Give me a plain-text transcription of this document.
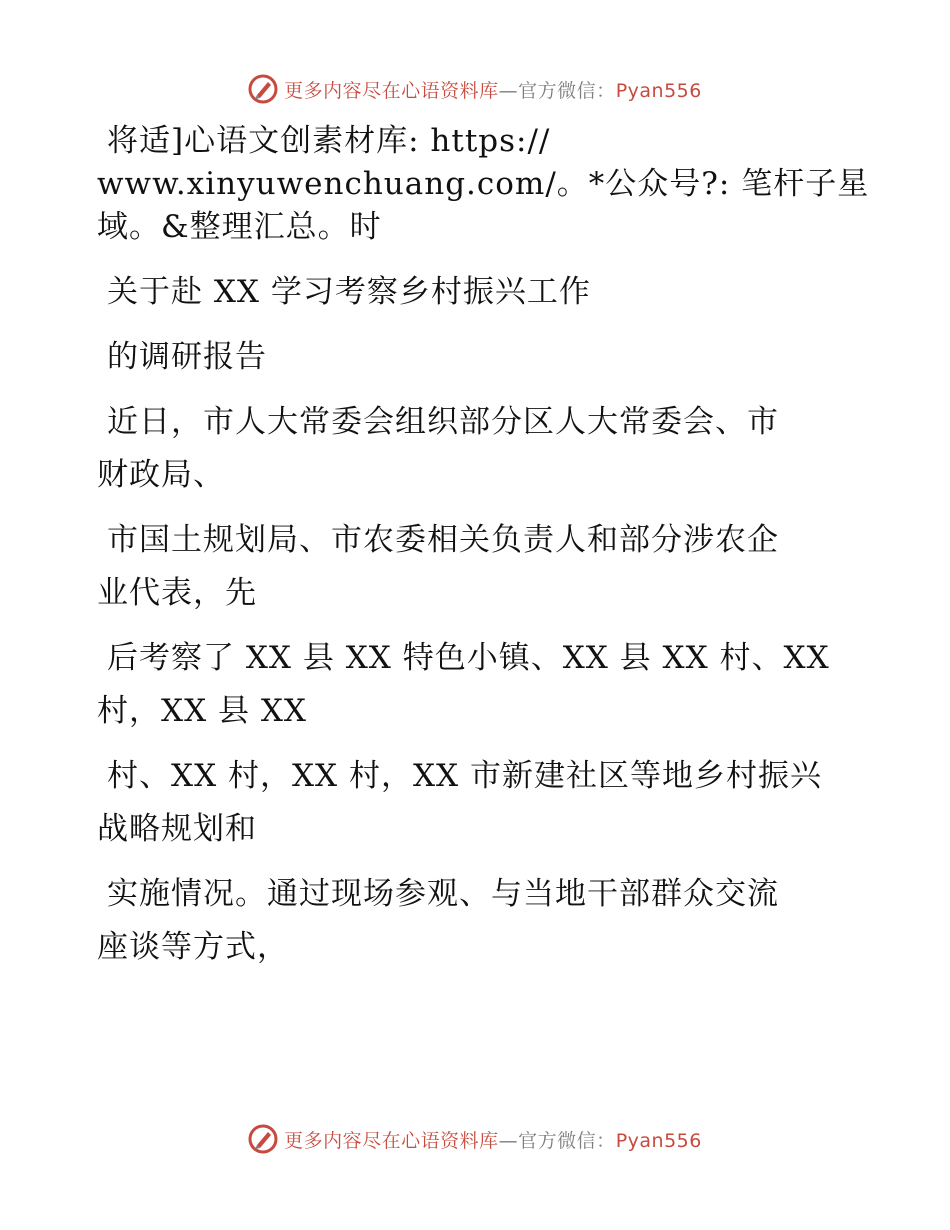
更多内容尽在心语资料库—官方微信：Pyan556

将适]心语文创素材库: https://

www.xinyuwenchuang.com/。*公众号?: 笔杆子星

域。&整理汇总。时

关于赴 XX 学习考察乡村振兴工作

的调研报告

近日，市人大常委会组织部分区人大常委会、市

财政局、

市国土规划局、市农委相关负责人和部分涉农企

业代表，先

后考察了 XX 县 XX 特色小镇、XX 县 XX 村、XX

村，XX 县 XX

村、XX 村，XX 村，XX 市新建社区等地乡村振兴

战略规划和

实施情况。通过现场参观、与当地干部群众交流

座谈等方式，

更多内容尽在心语资料库—官方微信：Pyan556
